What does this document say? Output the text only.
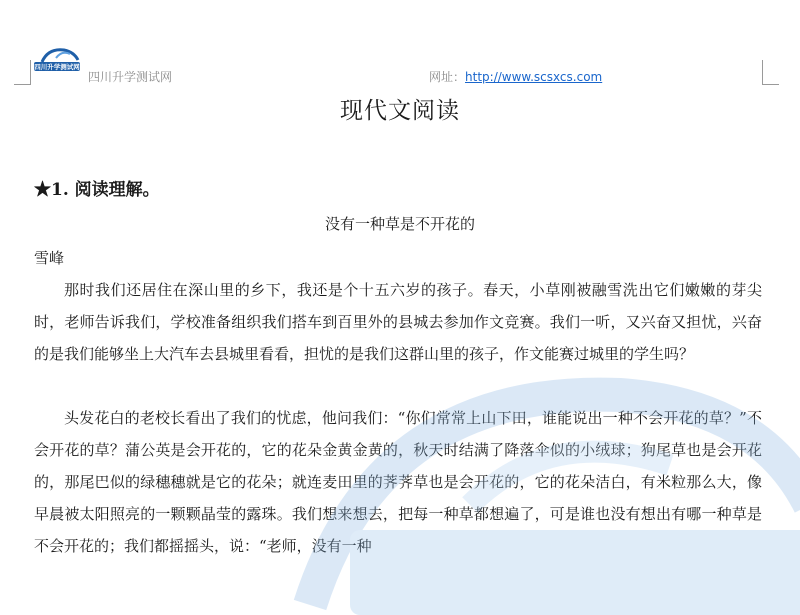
四川升学测试网
四川升学测试网	网址：http://www.scsxcs.com
现代文阅读
★1. 阅读理解。
没有一种草是不开花的
雪峰

那时我们还居住在深山里的乡下，我还是个十五六岁的孩子。春天，小草刚被融雪洗出它们嫩嫩的芽尖时，老师告诉我们，学校准备组织我们搭车到百里外的县城去参加作文竞赛。我们一听，又兴奋又担忧，兴奋的是我们能够坐上大汽车去县城里看看，担忧的是我们这群山里的孩子，作文能赛过城里的学生吗？

头发花白的老校长看出了我们的忧虑，他问我们：“你们常常上山下田，谁能说出一种不会开花的草？”不会开花的草？蒲公英是会开花的，它的花朵金黄金黄的，秋天时结满了降落伞似的小绒球；狗尾草也是会开花的，那尾巴似的绿穗穗就是它的花朵；就连麦田里的荠荠草也是会开花的，它的花朵洁白，有米粒那么大，像早晨被太阳照亮的一颗颗晶莹的露珠。我们想来想去，把每一种草都想遍了，可是谁也没有想出有哪一种草是不会开花的；我们都摇摇头，说：“老师，没有一种
